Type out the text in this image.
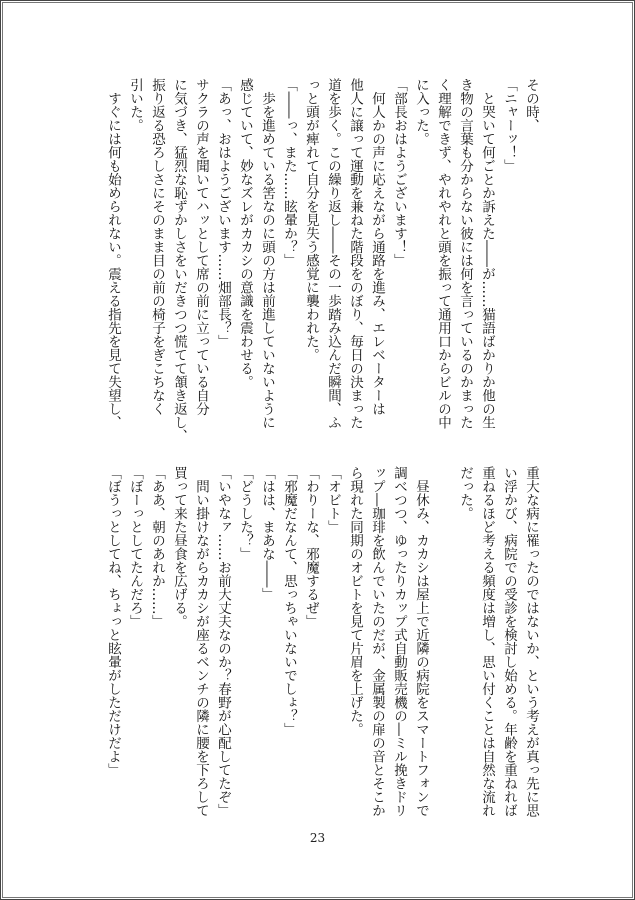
その時、
「ニャーッ！」
　と哭いて何ごとか訴えた――が……猫語ばかりか他の生
き物の言葉も分からない彼には何を言っているのかまった
く理解できず、やれやれと頭を振って通用口からビルの中
に入った。
「部長おはようございます！」
　何人かの声に応えながら通路を進み、エレベーターは
他人に譲って運動を兼ねた階段をのぼり、毎日の決まった
道を歩く。この繰り返し――その一歩踏み込んだ瞬間、ふ
っと頭が痺れて自分を見失う感覚に襲われた。
「――っ、また……眩暈か？」
　歩を進めている筈なのに頭の方は前進していないように
感じていて、妙なズレがカカシの意識を震わせる。
「あっ、おはようございます……畑部長？」
サクラの声を聞いてハッとして席の前に立っている自分
に気づき、猛烈な恥ずかしさをいだきつつ慌てて頷き返し、
振り返る恐ろしさにそのまま目の前の椅子をぎこちなく
引いた。
　すぐには何も始められない。震える指先を見て失望し、
重大な病に罹ったのではないか、という考えが真っ先に思
い浮かび、病院での受診を検討し始める。年齢を重ねれば
重ねるほど考える頻度は増し、思い付くことは自然な流れ
だった。

　昼休み、カカシは屋上で近隣の病院をスマートフォンで
調べつつ、ゆったりカップ式自動販売機の―ミル挽きドリ
ップ―珈琲を飲んでいたのだが、金属製の扉の音とそこか
ら現れた同期のオビトを見て片眉を上げた。
「オビト」
「わりーな、邪魔するぜ」
「邪魔だなんて、思っちゃいないでしょ？」
「はは、まあな――」
「どうした？」
「いやなァ……お前大丈夫なのか？春野が心配してたぞ」
　問い掛けながらカカシが座るベンチの隣に腰を下ろして
買って来た昼食を広げる。
「ああ、朝のあれか……」
「ぼーっとしてたんだろ」
「ぼうっとしてね、ちょっと眩暈がしただけだよ」
23
